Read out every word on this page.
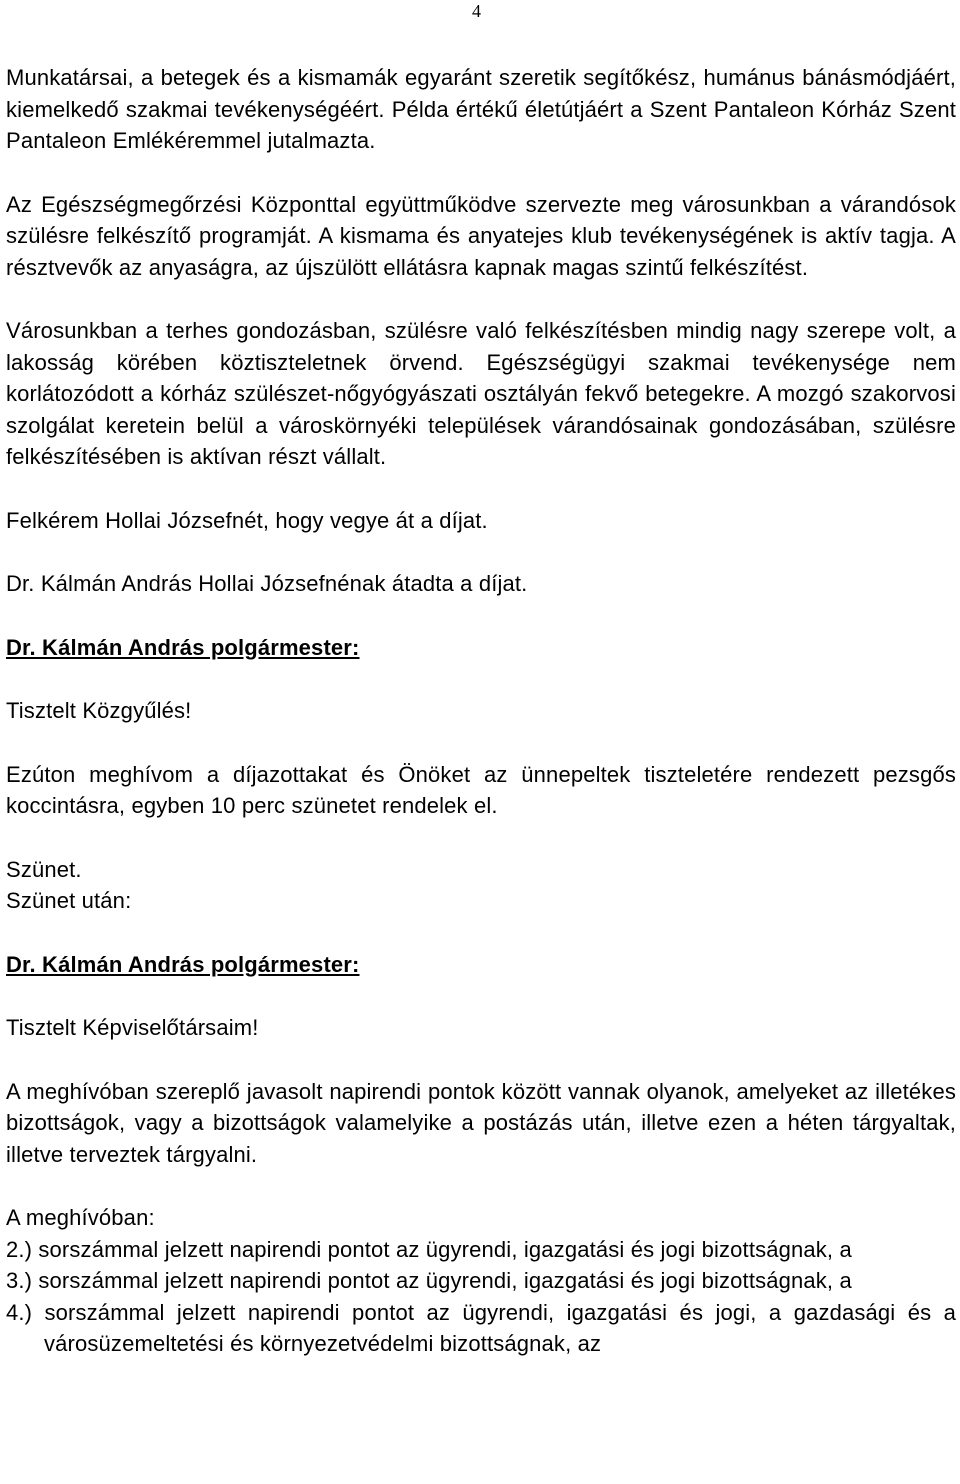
4

Munkatársai, a betegek és a kismamák egyaránt szeretik segítőkész, humánus bánásmódjáért, kiemelkedő szakmai tevékenységéért. Példa értékű életútjáért a Szent Pantaleon Kórház Szent Pantaleon Emlékéremmel jutalmazta.

Az Egészségmegőrzési Központtal együttműködve szervezte meg városunkban a várandósok szülésre felkészítő programját. A kismama és anyatejes klub tevékenységének is aktív tagja. A résztvevők az anyaságra, az újszülött ellátásra kapnak magas szintű felkészítést.

Városunkban a terhes gondozásban, szülésre való felkészítésben mindig nagy szerepe volt, a lakosság körében köztiszteletnek örvend. Egészségügyi szakmai tevékenysége nem korlátozódott a kórház szülészet-nőgyógyászati osztályán fekvő betegekre. A mozgó szakorvosi szolgálat keretein belül a városkörnyéki települések várandósainak gondozásában, szülésre felkészítésében is aktívan részt vállalt.

Felkérem Hollai Józsefnét, hogy vegye át a díjat.

Dr. Kálmán András Hollai Józsefnénak átadta a díjat.

Dr. Kálmán András polgármester:

Tisztelt Közgyűlés!

Ezúton meghívom a díjazottakat és Önöket az ünnepeltek tiszteletére rendezett pezsgős koccintásra, egyben 10 perc szünetet rendelek el.

Szünet.

Szünet után:

Dr. Kálmán András polgármester:

Tisztelt Képviselőtársaim!

A meghívóban szereplő javasolt napirendi pontok között vannak olyanok, amelyeket az illetékes bizottságok, vagy a bizottságok valamelyike a postázás után, illetve ezen a héten tárgyaltak, illetve terveztek tárgyalni.

A meghívóban:

2.) sorszámmal jelzett napirendi pontot az ügyrendi, igazgatási és jogi bizottságnak, a

3.) sorszámmal jelzett napirendi pontot az ügyrendi, igazgatási és jogi bizottságnak, a

4.) sorszámmal jelzett napirendi pontot az ügyrendi, igazgatási és jogi, a gazdasági és a városüzemeltetési és környezetvédelmi bizottságnak, az
